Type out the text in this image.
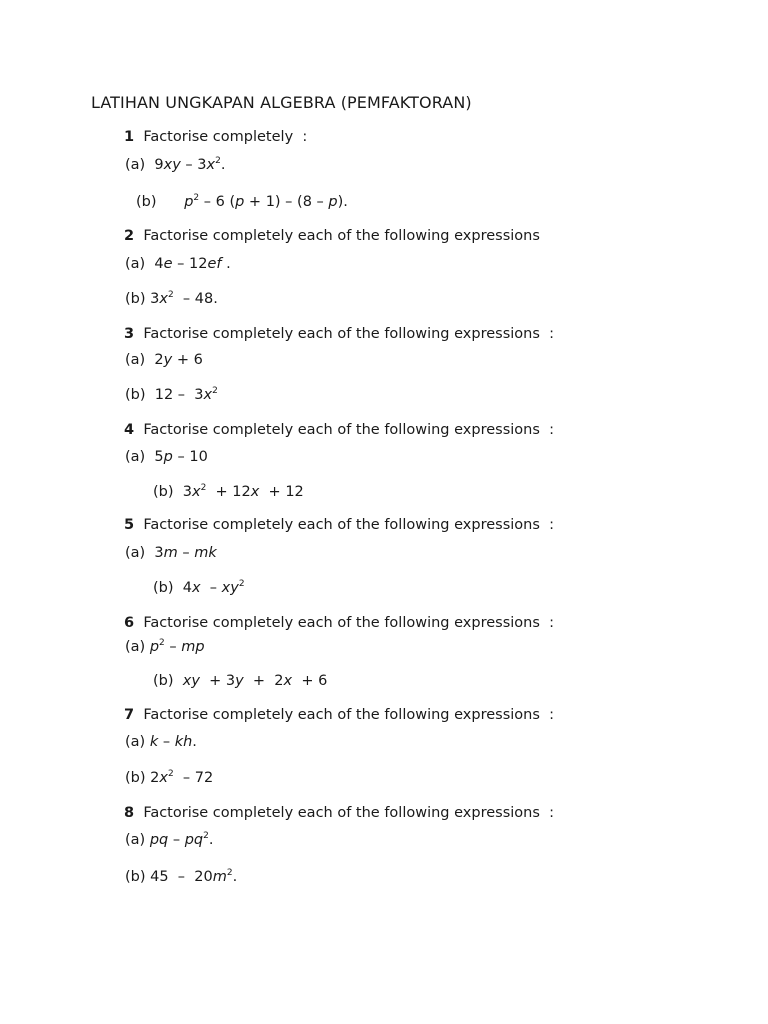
LATIHAN UNGKAPAN ALGEBRA (PEMFAKTORAN)
1 Factorise completely  :
(a) $9xy - 3x^2$.
(b) $p^2 - 6$ (p + 1) – (8 – p).
2 Factorise completely each of the following expressions
(a) 4e – 12ef .
(b) $3x^2 - 48$.
3 Factorise completely each of the following expressions  :
(a) 2y + 6
(b) $12 - 3x^2$
4 Factorise completely each of the following expressions  :
(a) 5p – 10
(b) $3x^2 + 12x + 12$
5 Factorise completely each of the following expressions  :
(a) 3m – mk
(b) $4x - xy^2$
6 Factorise completely each of the following expressions  :
(a) $p^2$ – mp
(b) xy  + 3y  +  2x  + 6
7 Factorise completely each of the following expressions  :
(a) k – kh.
(b) $2x^2 - 72$
8 Factorise completely each of the following expressions  :
(a) pq – $pq^2$.
(b) $45 - 20m^2$.
